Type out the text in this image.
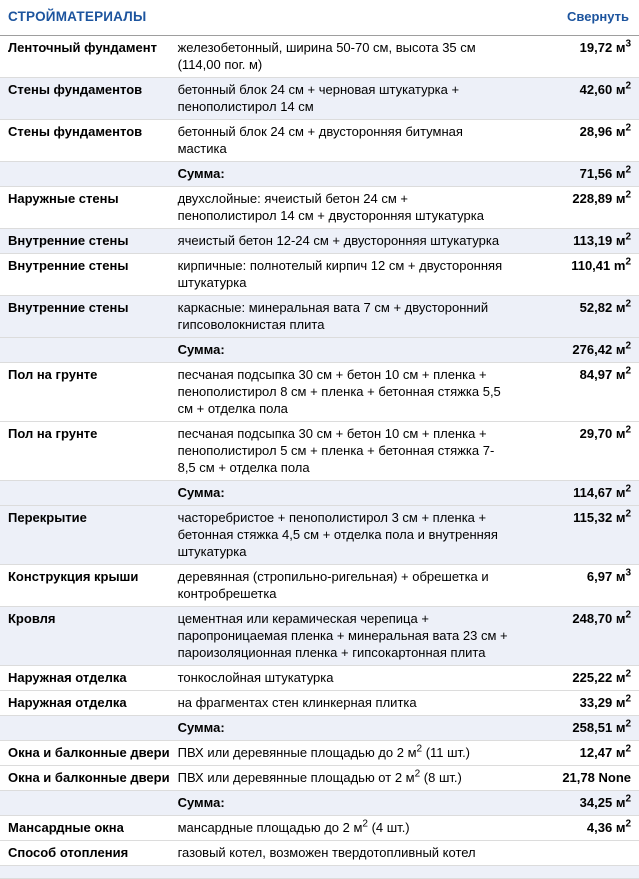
СТРОЙМАТЕРИАЛЫ	Свернуть
Ленточный фундамент	железобетонный, ширина 50-70 см, высота 35 см (114,00 пог. м)	19,72 $м^3$
Стены фундаментов	бетонный блок 24 см + черновая штукатурка + пенополистирол 14 см	42,60 $м^2$
Стены фундаментов	бетонный блок 24 см + двусторонняя битумная мастика	28,96 $м^2$
	Сумма:	71,56 $м^2$
Наружные стены	двухслойные: ячеистый бетон 24 см + пенополистирол 14 см + двусторонняя штукатурка	228,89 $м^2$
Внутренние стены	ячеистый бетон 12-24 см + двусторонняя штукатурка	113,19 $м^2$
Внутренние стены	кирпичные: полнотелый кирпич 12 см + двусторонняя штукатурка	110,41 $m^2$
Внутренние стены	каркасные: минеральная вата 7 см + двусторонний гипсоволокнистая плита	52,82 $м^2$
	Сумма:	276,42 $м^2$
Пол на грунте	песчаная подсыпка 30 см + бетон 10 см + пленка + пенополистирол 8 см + пленка + бетонная стяжка 5,5 см + отделка пола	84,97 $м^2$
Пол на грунте	песчаная подсыпка 30 см + бетон 10 см + пленка + пенополистирол 5 см + пленка + бетонная стяжка 7-8,5 см + отделка пола	29,70 $м^2$
	Сумма:	114,67 $м^2$
Перекрытие	часторебристое + пенополистирол 3 см + пленка + бетонная стяжка 4,5 см + отделка пола и внутренняя штукатурка	115,32 $м^2$
Конструкция крыши	деревянная (стропильно-ригельная) + обрешетка и контробрешетка	6,97 $м^3$
Кровля	цементная или керамическая черепица + паропроницаемая пленка + минеральная вата 23 см + пароизоляционная пленка + гипсокартонная плита	248,70 $м^2$
Наружная отделка	тонкослойная штукатурка	225,22 $м^2$
Наружная отделка	на фрагментах стен клинкерная плитка	33,29 $м^2$
	Сумма:	258,51 $м^2$
Окна и балконные двери	ПВХ или деревянные площадью до 2 $м^2$ (11 шт.)	12,47 $м^2$
Окна и балконные двери	ПВХ или деревянные площадью от 2 $м^2$ (8 шт.)	21,78 None
	Сумма:	34,25 $м^2$
Мансардные окна	мансардные площадью до 2 $м^2$ (4 шт.)	4,36 $м^2$
Способ отопления	газовый котел, возможен твердотопливный котел	
